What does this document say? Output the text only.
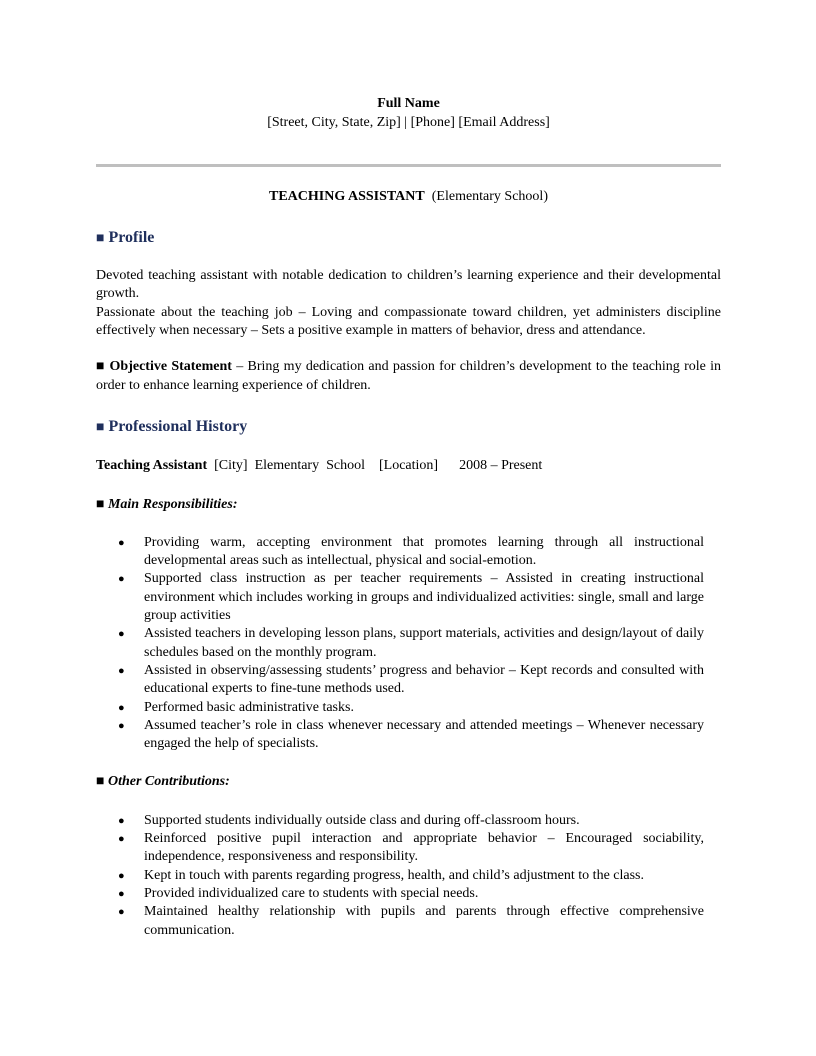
Full Name
[Street, City, State, Zip] | [Phone] [Email Address]
TEACHING ASSISTANT (Elementary School)
■ Profile

Devoted teaching assistant with notable dedication to children’s learning experience and their developmental growth.

Passionate about the teaching job – Loving and compassionate toward children, yet administers discipline effectively when necessary – Sets a positive example in matters of behavior, dress and attendance.

■ Objective Statement – Bring my dedication and passion for children’s development to the teaching role in order to enhance learning experience of children.

■ Professional History
Teaching Assistant  [City]  Elementary  School    [Location]      2008 – Present
■ Main Responsibilities:
● Providing warm, accepting environment that promotes learning through all instructional developmental areas such as intellectual, physical and social-emotion.
● Supported class instruction as per teacher requirements – Assisted in creating instructional environment which includes working in groups and individualized activities: single, small and large group activities
● Assisted teachers in developing lesson plans, support materials, activities and design/layout of daily schedules based on the monthly program.
● Assisted in observing/assessing students’ progress and behavior – Kept records and consulted with educational experts to fine-tune methods used.
● Performed basic administrative tasks.
● Assumed teacher’s role in class whenever necessary and attended meetings – Whenever necessary engaged the help of specialists.
■ Other Contributions:
● Supported students individually outside class and during off-classroom hours.
● Reinforced positive pupil interaction and appropriate behavior – Encouraged sociability, independence, responsiveness and responsibility.
● Kept in touch with parents regarding progress, health, and child’s adjustment to the class.
● Provided individualized care to students with special needs.
● Maintained healthy relationship with pupils and parents through effective comprehensive communication.
